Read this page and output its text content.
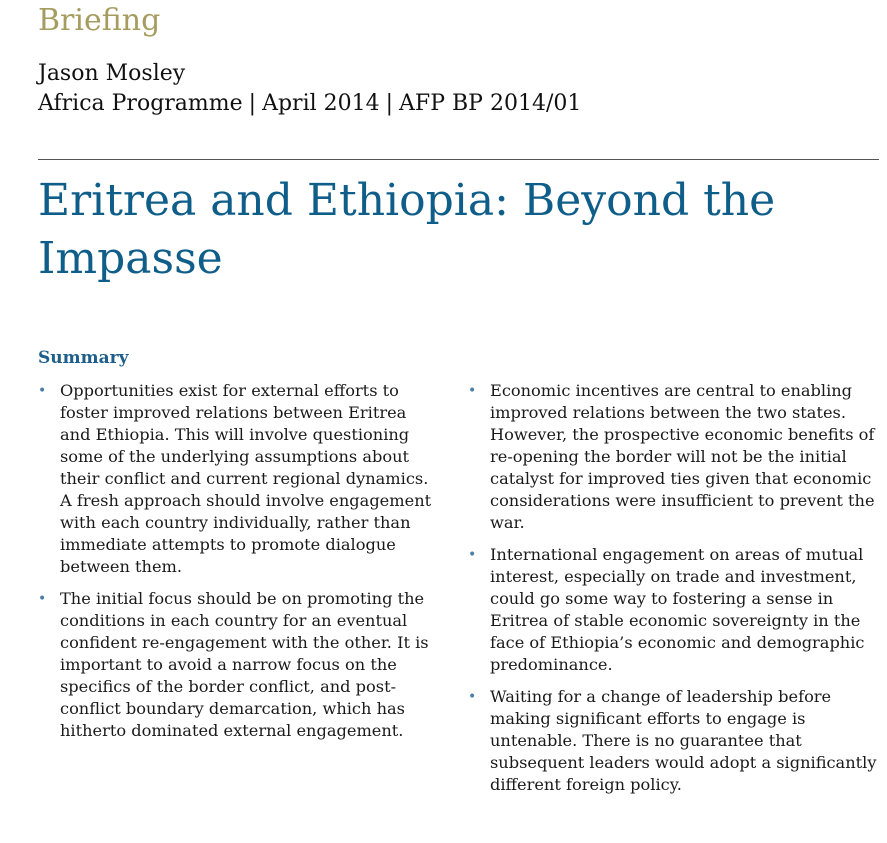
Briefing
Jason Mosley
Africa Programme | April 2014 | AFP BP 2014/01
Eritrea and Ethiopia: Beyond the Impasse
Summary
• Opportunities exist for external efforts to foster improved relations between Eritrea and Ethiopia. This will involve questioning some of the underlying assumptions about their conflict and current regional dynamics. A fresh approach should involve engagement with each country individually, rather than immediate attempts to promote dialogue between them.
• The initial focus should be on promoting the conditions in each country for an eventual confident re-engagement with the other. It is important to avoid a narrow focus on the specifics of the border conflict, and post-conflict boundary demarcation, which has hitherto dominated external engagement.
• Economic incentives are central to enabling improved relations between the two states. However, the prospective economic benefits of re-opening the border will not be the initial catalyst for improved ties given that economic considerations were insufficient to prevent the war.
• International engagement on areas of mutual interest, especially on trade and investment, could go some way to fostering a sense in Eritrea of stable economic sovereignty in the face of Ethiopia’s economic and demographic predominance.
• Waiting for a change of leadership before making significant efforts to engage is untenable. There is no guarantee that subsequent leaders would adopt a significantly different foreign policy.
